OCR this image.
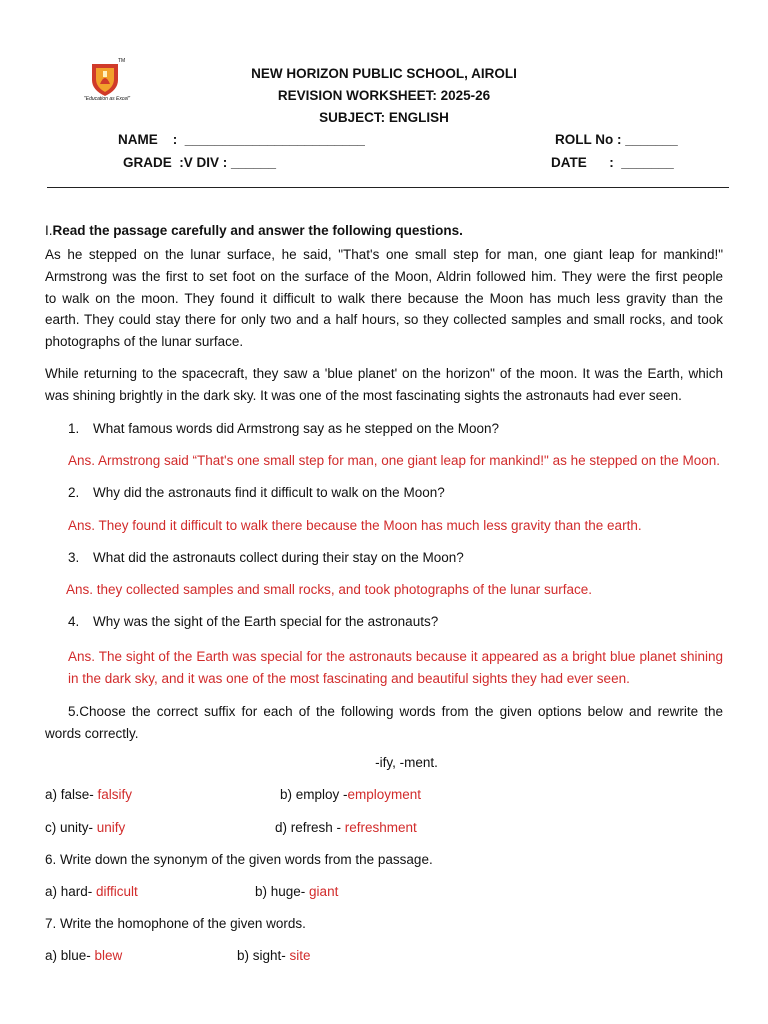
TM
"Education as Excel"
NEW HORIZON PUBLIC SCHOOL, AIROLI
REVISION WORKSHEET: 2025-26
SUBJECT: ENGLISH
NAME    :  ________________________
GRADE  :V DIV : ______
ROLL No : _______
DATE      :  _______
I.Read the passage carefully and answer the following questions.
As he stepped on the lunar surface, he said, "That's one small step for man, one giant leap for mankind!"
Armstrong was the first to set foot on the surface of the Moon, Aldrin followed him. They were the first people
to walk on the moon. They found it difficult to walk there because the Moon has much less gravity than the
earth. They could stay there for only two and a half hours, so they collected samples and small rocks, and took
photographs of the lunar surface.
While returning to the spacecraft, they saw a 'blue planet' on the horizon" of the moon. It was the Earth, which
was shining brightly in the dark sky. It was one of the most fascinating sights the astronauts had ever seen.
1. What famous words did Armstrong say as he stepped on the Moon?
Ans. Armstrong said “That's one small step for man, one giant leap for mankind!" as he stepped on the Moon.
2. Why did the astronauts find it difficult to walk on the Moon?
Ans. They found it difficult to walk there because the Moon has much less gravity than the earth.
3. What did the astronauts collect during their stay on the Moon?
Ans. they collected samples and small rocks, and took photographs of the lunar surface.
4. Why was the sight of the Earth special for the astronauts?
Ans. The sight of the Earth was special for the astronauts because it appeared as a bright blue planet shining
in the dark sky, and it was one of the most fascinating and beautiful sights they had ever seen.
5.Choose the correct suffix for each of the following words from the given options below and rewrite the
words correctly.
-ify, -ment.
a) false- falsify	b) employ -employment
c) unity- unify	d) refresh - refreshment
6. Write down the synonym of the given words from the passage.
a) hard- difficult	b) huge- giant
7. Write the homophone of the given words.
a) blue- blew	b) sight- site
